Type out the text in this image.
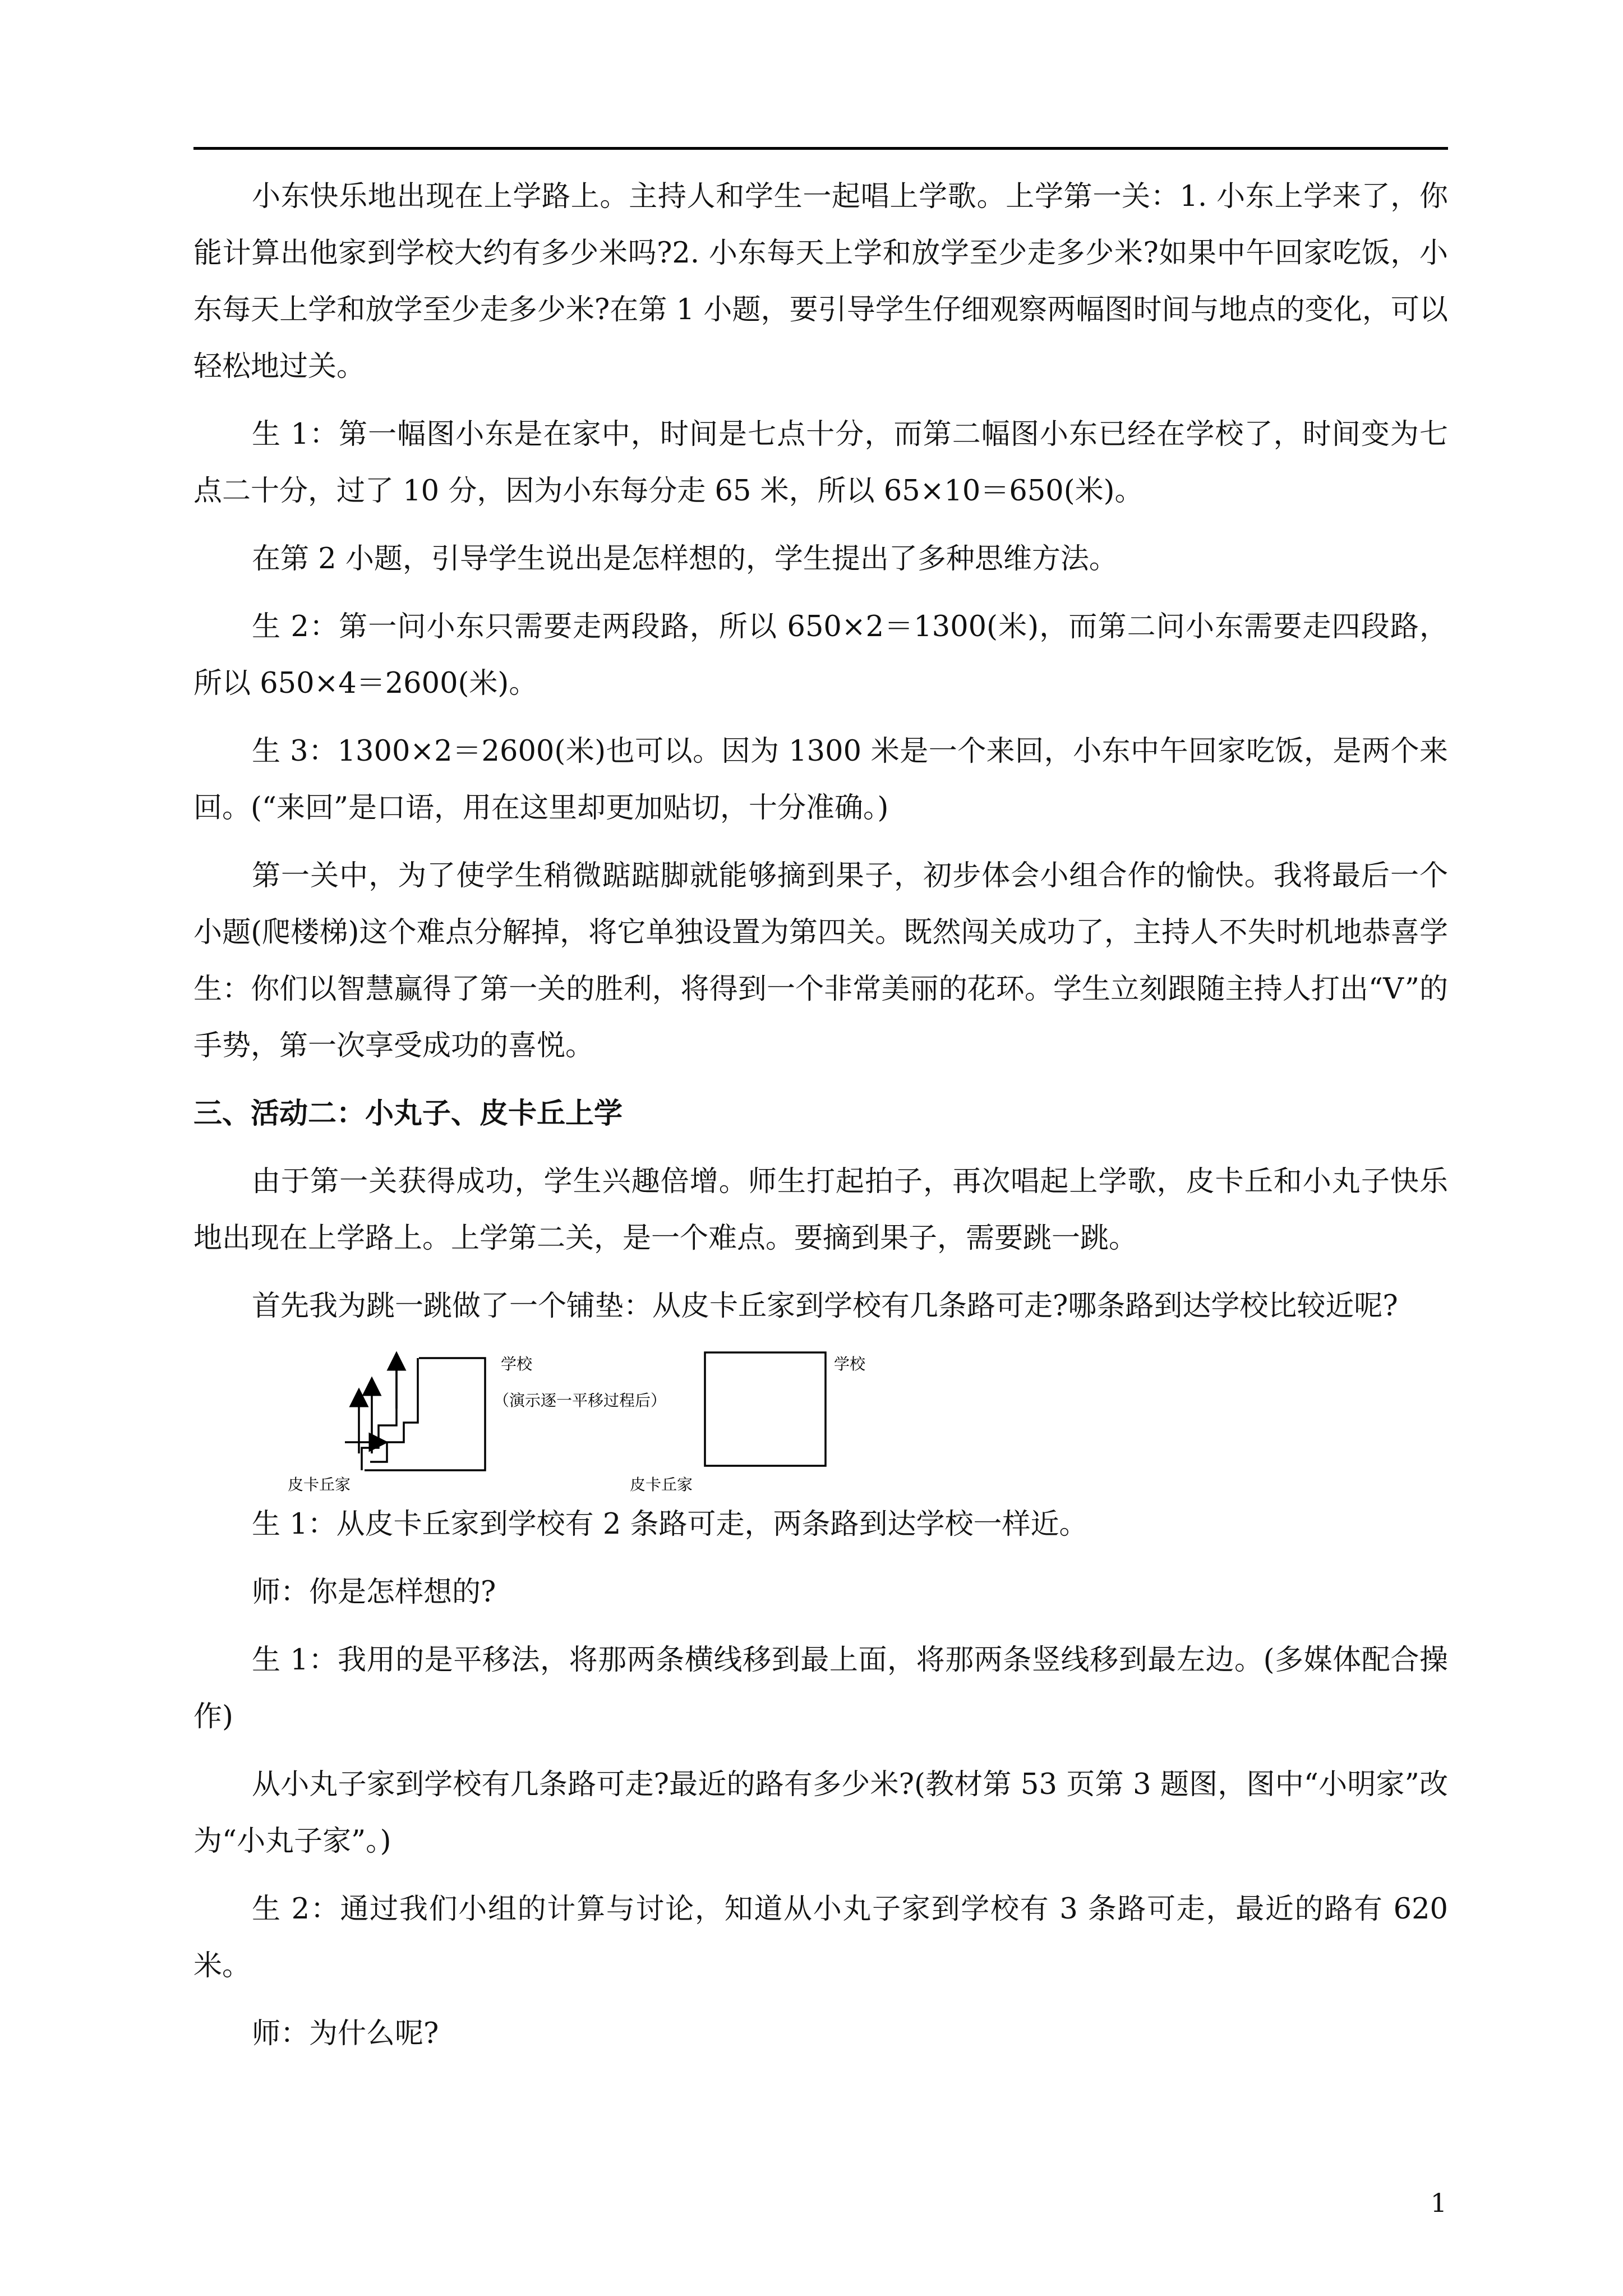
小东快乐地出现在上学路上。主持人和学生一起唱上学歌。上学第一关：1. 小东上学来了，你能计算出他家到学校大约有多少米吗?2. 小东每天上学和放学至少走多少米?如果中午回家吃饭，小东每天上学和放学至少走多少米?在第 1 小题，要引导学生仔细观察两幅图时间与地点的变化，可以轻松地过关。

生 1：第一幅图小东是在家中，时间是七点十分，而第二幅图小东已经在学校了，时间变为七点二十分，过了 10 分，因为小东每分走 65 米，所以 65×10＝650(米)。

在第 2 小题，引导学生说出是怎样想的，学生提出了多种思维方法。

生 2：第一问小东只需要走两段路，所以 650×2＝1300(米)，而第二问小东需要走四段路，所以 650×4＝2600(米)。

生 3：1300×2＝2600(米)也可以。因为 1300 米是一个来回，小东中午回家吃饭，是两个来回。(“来回”是口语，用在这里却更加贴切，十分准确。)

第一关中，为了使学生稍微踮踮脚就能够摘到果子，初步体会小组合作的愉快。我将最后一个小题(爬楼梯)这个难点分解掉，将它单独设置为第四关。既然闯关成功了，主持人不失时机地恭喜学生：你们以智慧赢得了第一关的胜利，将得到一个非常美丽的花环。学生立刻跟随主持人打出“V”的手势，第一次享受成功的喜悦。

三、活动二：小丸子、皮卡丘上学

由于第一关获得成功，学生兴趣倍增。师生打起拍子，再次唱起上学歌，皮卡丘和小丸子快乐地出现在上学路上。上学第二关，是一个难点。要摘到果子，需要跳一跳。

首先我为跳一跳做了一个铺垫：从皮卡丘家到学校有几条路可走?哪条路到达学校比较近呢?

学校
皮卡丘家
（演示逐一平移过程后）
学校
皮卡丘家

生 1：从皮卡丘家到学校有 2 条路可走，两条路到达学校一样近。

师：你是怎样想的?

生 1：我用的是平移法，将那两条横线移到最上面，将那两条竖线移到最左边。(多媒体配合操作)

从小丸子家到学校有几条路可走?最近的路有多少米?(教材第 53 页第 3 题图，图中“小明家”改为“小丸子家”。)

生 2：通过我们小组的计算与讨论，知道从小丸子家到学校有 3 条路可走，最近的路有 620 米。

师：为什么呢?

1
